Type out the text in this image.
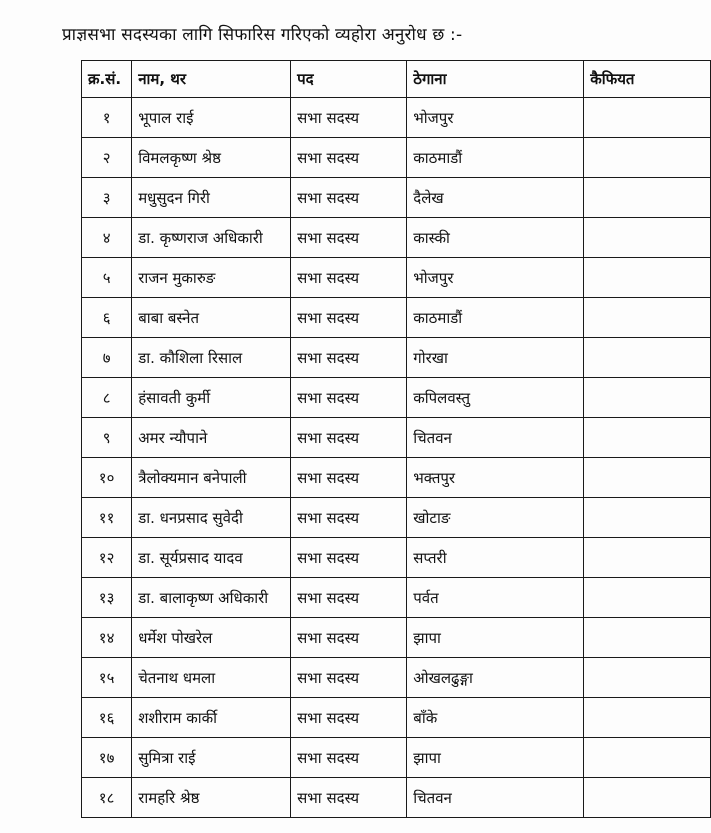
प्राज्ञसभा सदस्यका लागि सिफारिस गरिएको व्यहोरा अनुरोध छ :-
क्र.सं.	नाम, थर	पद	ठेगाना	कैफियत
१	भूपाल राई	सभा सदस्य	भोजपुर	
२	विमलकृष्ण श्रेष्ठ	सभा सदस्य	काठमाडौं	
३	मधुसुदन गिरी	सभा सदस्य	दैलेख	
४	डा. कृष्णराज अधिकारी	सभा सदस्य	कास्की	
५	राजन मुकारुङ	सभा सदस्य	भोजपुर	
६	बाबा बस्नेत	सभा सदस्य	काठमाडौं	
७	डा. कौशिला रिसाल	सभा सदस्य	गोरखा	
८	हंसावती कुर्मी	सभा सदस्य	कपिलवस्तु	
९	अमर न्यौपाने	सभा सदस्य	चितवन	
१०	त्रैलोक्यमान बनेपाली	सभा सदस्य	भक्तपुर	
११	डा. धनप्रसाद सुवेदी	सभा सदस्य	खोटाङ	
१२	डा. सूर्यप्रसाद यादव	सभा सदस्य	सप्तरी	
१३	डा. बालाकृष्ण अधिकारी	सभा सदस्य	पर्वत	
१४	धर्मेश पोखरेल	सभा सदस्य	झापा	
१५	चेतनाथ धमला	सभा सदस्य	ओखलढुङ्गा	
१६	शशीराम कार्की	सभा सदस्य	बाँके	
१७	सुमित्रा राई	सभा सदस्य	झापा	
१८	रामहरि श्रेष्ठ	सभा सदस्य	चितवन	
